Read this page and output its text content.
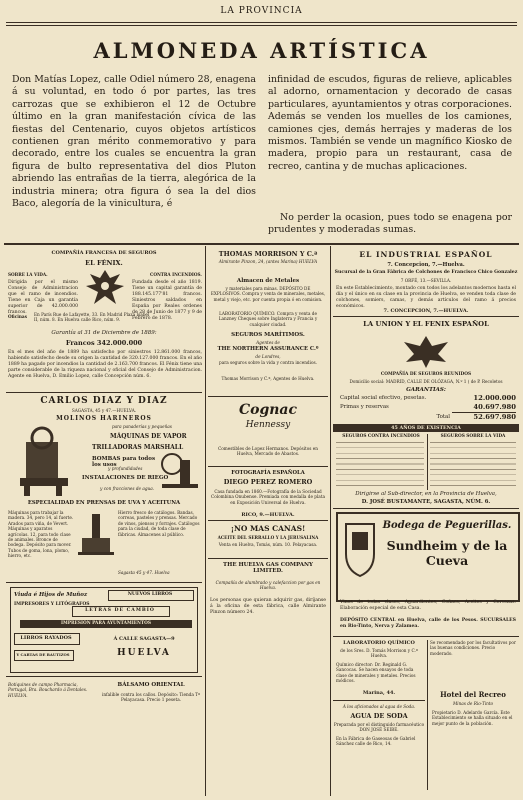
LA PROVINCIA
ALMONEDA ARTÍSTICA
Don Matías Lopez, calle Odiel número 28, enagena á su voluntad, en todo ó por partes, las tres carrozas que se exhibieron el 12 de Octubre último en la gran manifestación cívica de las fiestas del Centenario, cuyos objetos artísticos contienen gran mérito conmemorativo y para decorado, entre los cuales se encuentra la gran figura de bulto representativa del dios Pluton abriendo las entrañas de la tierra, alegórica de la industria minera; otra figura ó sea la del dios Baco, alegoría de la vinicultura, é
infinidad de escudos, figuras de relieve, aplicables al adorno, ornamentacion y decorado de casas particulares, ayuntamientos y otras corporaciones. Además se venden los muelles de los camiones, camiones cjes, demás herrajes y maderas de los mismos. También se vende un magnífico Kiosko de madera, propio para un restaurant, casa de recreo, cantina y de muchas aplicaciones.
No perder la ocasion, pues todo se enagena por prudentes y moderadas sumas.
COMPAÑÍA FRANCESA DE SEGUROS
EL FÉNIX.
SOBRE LA VIDA.	CONTRA INCENDIOS.
Dirigida por el mismo Consejo de Administracion que el ramo de incendios. Tiene en Caja un garantía superior de 42.000.000 francos.
Fundada desde el año 1819. Tiene un capital garantía de 188.145.177'81 francos. Siniestros saldados en España por Reales ordenes de 28 de Junio de 1877 y 9 de Febrero de 1878.
Oficinas	En París Rue de Lafayette, 33. En Madrid Plaza Isabel II, núm. 8. En Huelva calle Rico, núm. 9.
Garantía al 31 de Diciembre de 1889:
Francos 342.000.000
En el mes del año de 1889 ha satisfecho por siniestros 12.861.000 francos, habiendo satisfecho desde su origen la cantidad de 320.127.000 francos. En el año 1889 ha pagado por incendios la cantidad de 2.163.700 francos. El Fénix tiene una parte considerable de la riqueza nacional y oficial del Consejo de Administracion. Agente en Huelva, D. Emilio Lopez, calle Concepción núm. 6.
CARLOS DIAZ Y DIAZ
SAGASTA, 45 y 47.—HUELVA.
MOLINOS HARINEROS
para panaderías y pequeñas
MÁQUINAS DE VAPOR
TRILLADORAS MARSHALL
BOMBAS para todos los usos
y profundidades
INSTALACIONES DE RIEGO
y con fracciones de agua.
ESPECIALIDAD EN PRENSAS DE UVA Y ACEITUNA
Máquinas para trabajar la madera. 34, pero 14, al fuerte. Arados para viña, de Vevert. Máquinas y aparatos agrícolas. 12, para todo clase de animales. Bronce de bodega. Depósito para mover. Tubos de goma, lona, plomo, hierro, etc.
Hierro fresco de catálogos. Bandas, correas, pasteles y prensas. Mercado de vinos, piensos y forrajes. Catálogos para la ciudad, de toda clase de fábricas. Almacenes al público.
Sagasta 45 y 47. Huelva
Viuda é Hijos de Muñoz
IMPRESORES Y LITÓGRAFOS
NUEVOS LIBROS
LETRAS DE CAMBIO
IMPRESIÓN PARA AYUNTAMIENTOS
LIBROS RAYADOS	Á CALLE SAGASTA—9
Y CARTAS DE BAUTIZOS	HUELVA
Botiquines de campo Pharmacia, Portugal, Bra. Bouchardo á Dentales. HUELVA.
BÁLSAMO ORIENTAL
infalible contra los callos. Depósito: Tienda Tª Pelayacasa. Precio 1 peseta.
THOMAS MORRISON Y C.ª
Almirante Pinzon, 24, (antes Marina) HUELVA
Almacen de Metales
y materiales para minas. DEPÓSITO DE EXPLOSIVOS. Compra y venta de minerales, metales, metal y viejo, etc. por cuenta propia ó en comision.
LABORATORIO QUÍMICO. Compra y venta de Lanzney Cheques sobre Inglaterra y Francia y cualquier ciudad.
SEGUROS MARÍTIMOS.
Agentes de
THE NORTHERN ASSURANCE C.º
de Londres,
para seguros sobre la vida y contra incendios.
Thomas Morrison y C.ª, Agentes de Huelva.
Cognac
Hennessy
Comestibles de Lopez Hermanos. Depósitos en Huelva, Mercado de Abastos.
FOTOGRAFÍA ESPAÑOLA
DIEGO PEREZ ROMERO
Casa fundada en 1860.—Fotografía de la Sociedad Colombina Onubense. Premiada con medalla de plata en Exposición Universal de Huelva.
RICO, 9.—HUELVA.
¡NO MAS CANAS!
ACEITE DEL SERRALLO Y LA JERUSALINA
Venta en Huelva, Tomás, núm. 10. Pelayacasa.
THE HUELVA GAS COMPANY LIMITED.
Compañía de alumbrado y calefaccion por gas en Huelva.
Los personas que quieran adquirir gas, diríjanse á la oficina de esta fábrica, calle Almirante Pinzon número 24.
EL INDUSTRIAL ESPAÑOL
7. Concepcion, 7.—Huelva.
Sucursal de la Gran Fábrica de Colchones de Francisco Chico Gonzalez
7 ORFÉ, 13.—SEVILLA.
En este Establecimiento, montado con todos los adelantos modernos hasta el día y el único en su clase en la provincia de Huelva, se venden toda clase de colchones, somiers, camas, y demás artículos del ramo á precios económicos.
7. CONCEPCION, 7.—HUELVA.
LA UNION Y EL FENIX ESPAÑOL
COMPAÑÍA DE SEGUROS REUNIDOS
Domicilio social: MADRID, CALLE DE OLÓZAGA, N.º 1 ( de P. Recoletos
GARANTIAS:
Capital social efectivo, pesetas.	12.000.000
Primas y reservas	40.697.980
Total	52.697.980
45 AÑOS DE EXISTENCIA
SEGUROS CONTRA INCENDIOS	SEGUROS SOBRE LA VIDA
Dirigirse al Sub-director, en la Provincia de Huelva,
D. JOSÉ BUSTAMANTE, SAGASTA, NÚM. 6.
Bodega de Peguerillas.
Sundheim y de la Cueva
Vinos de todas clases, Aguardientes, Coñacs, Aceites y Cervezas. Elaboración especial de esta Casa.
DEPÓSITO CENTRAL en Huelva, calle de los Pesos. SUCURSALES en Rio-Tinto, Nerva y Zalamea.
LABORATORIO QUÍMICO
de los Sres. D. Tomás Morrison y C.ª Huelva.
Químico director: Dr. Reginald G. Sancocas. Se hacen ensayos de toda clase de minerales y metales. Precios módicos.
Marina, 44.
Á los aficionados al agua de Soda.
AGUA DE SODA
Preparada por el distinguido farmacéutico DON JOSÉ SEIBE.
En la Fábrica de Gaseosas de Gabriel Sánchez calle de Rico, 14.
Se recomendado por los facultativos por las buenas condiciones. Precio moderado.
Hotel del Recreo
Minas de Rio-Tinto
Propietario D. Adelardo García. Este Establecimiento se halla situado en el mejor punto de la población.
